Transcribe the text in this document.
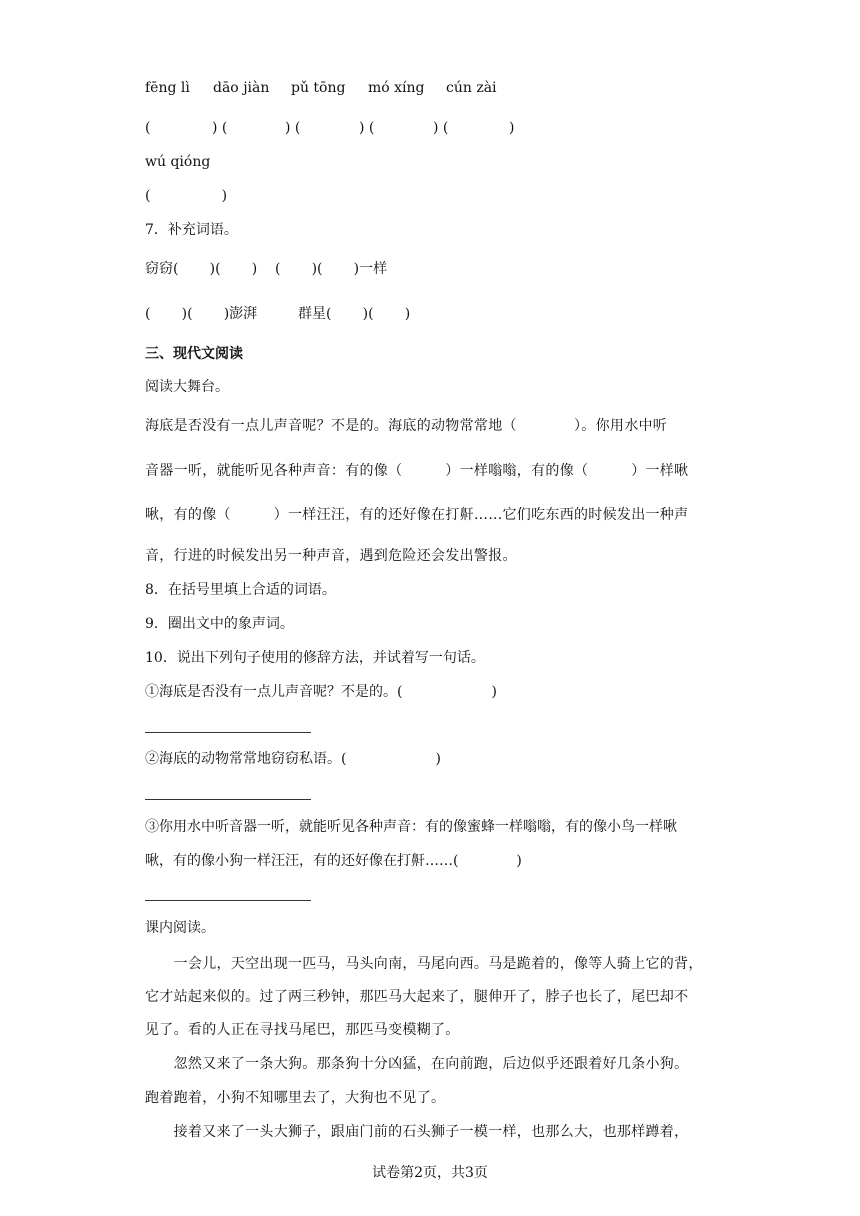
fēng lì dāo jiàn pǔ tōng mó xíng cún zài
(	) (	) (	) (	) (	)
wú qióng
(                )
7．补充词语。
窃窃(       )(       )    (       )(       )一样
(       )(       )澎湃	群星(       )(       )
三、现代文阅读
阅读大舞台。
海底是否没有一点儿声音呢？不是的。海底的动物常常地（　　　　）。你用水中听
音器一听，就能听见各种声音：有的像（　　　）一样嗡嗡，有的像（　　　）一样啾
啾，有的像（　　　）一样汪汪，有的还好像在打鼾……它们吃东西的时候发出一种声
音，行进的时候发出另一种声音，遇到危险还会发出警报。
8．在括号里填上合适的词语。
9．圈出文中的象声词。
10．说出下列句子使用的修辞方法，并试着写一句话。
①海底是否没有一点儿声音呢？不是的。(                    )
②海底的动物常常地窃窃私语。(                    )
③你用水中听音器一听，就能听见各种声音：有的像蜜蜂一样嗡嗡，有的像小鸟一样啾
啾，有的像小狗一样汪汪，有的还好像在打鼾……(             )
课内阅读。
　　一会儿，天空出现一匹马，马头向南，马尾向西。马是跪着的，像等人骑上它的背，
它才站起来似的。过了两三秒钟，那匹马大起来了，腿伸开了，脖子也长了，尾巴却不
见了。看的人正在寻找马尾巴，那匹马变模糊了。
　　忽然又来了一条大狗。那条狗十分凶猛，在向前跑，后边似乎还跟着好几条小狗。
跑着跑着，小狗不知哪里去了，大狗也不见了。
　　接着又来了一头大狮子，跟庙门前的石头狮子一模一样，也那么大，也那样蹲着，
试卷第2页，共3页
